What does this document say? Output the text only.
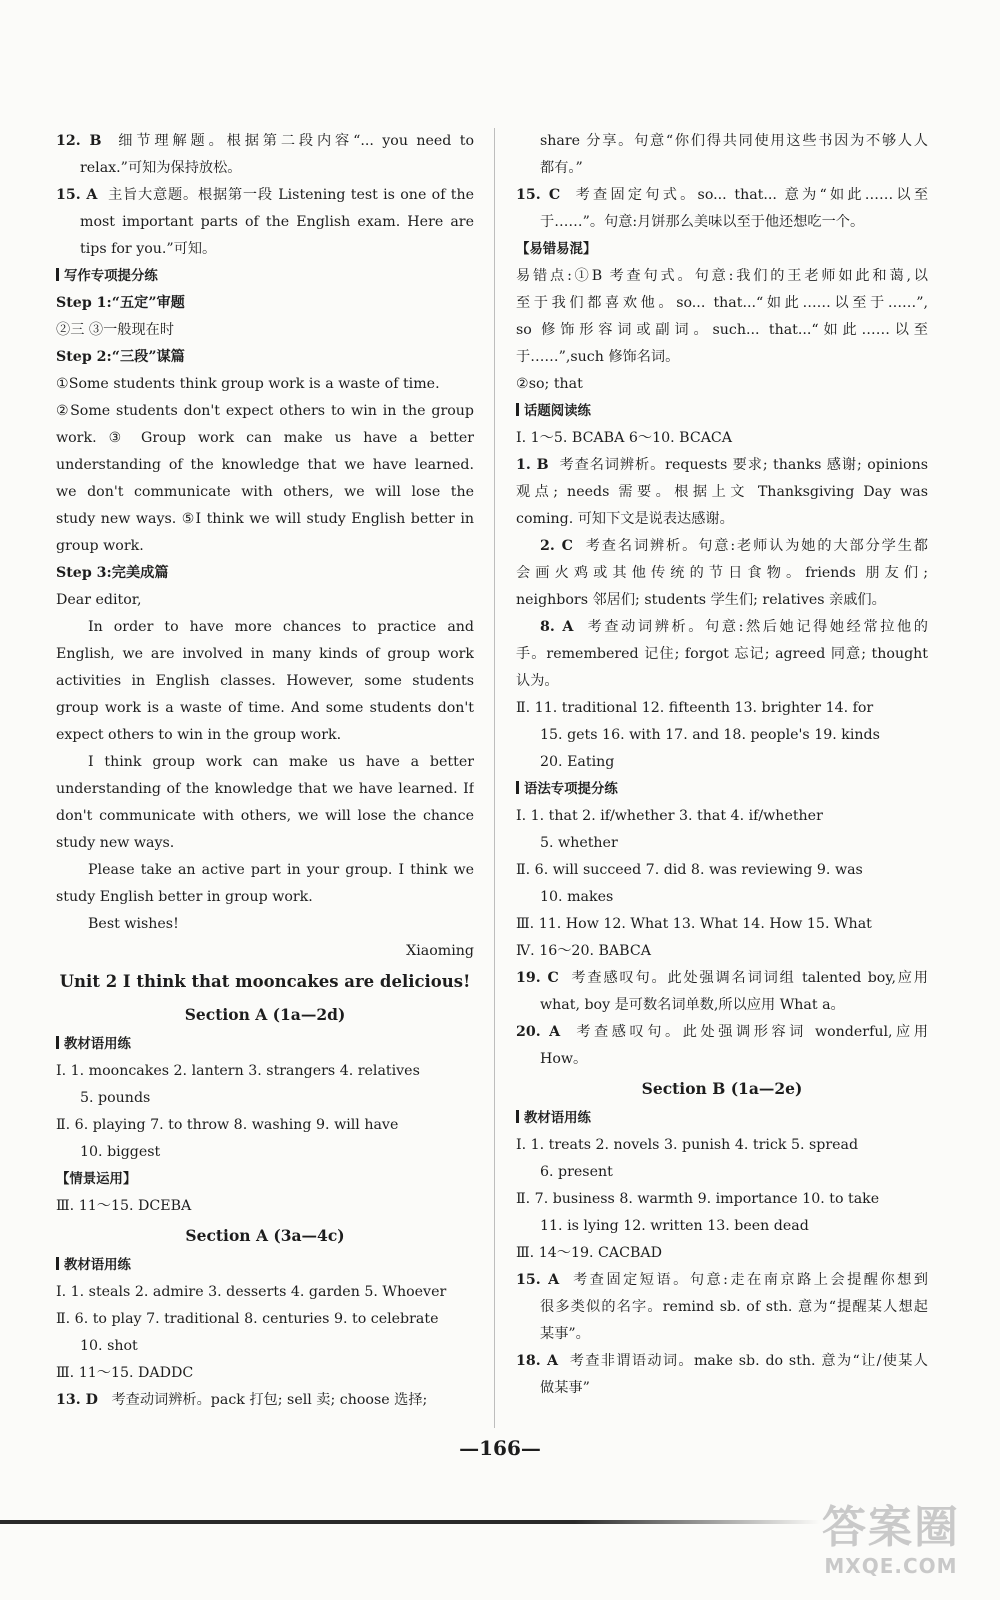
12. B 细节理解题。根据第二段内容“... you need to
relax.”可知为保持放松。
15. A 主旨大意题。根据第一段 Listening test is one of the
most important parts of the English exam. Here are
tips for you.”可知。
写作专项提分练
Step 1:“五定”审题
②三 ③一般现在时
Step 2:“三段”谋篇
①Some students think group work is a waste of time.
②Some students don't expect others to win in the group
work. ③ Group work can make us have a better
understanding of the knowledge that we have learned.
we don't communicate with others, we will lose the
study new ways. ⑤I think we will study English better in
group work.
Step 3:完美成篇
Dear editor,
In order to have more chances to practice and
English, we are involved in many kinds of group work
activities in English classes. However, some students
group work is a waste of time. And some students don't
expect others to win in the group work.
I think group work can make us have a better
understanding of the knowledge that we have learned. If
don't communicate with others, we will lose the chance
study new ways.
Please take an active part in your group. I think we
study English better in group work.
Best wishes!
Xiaoming
Unit 2 I think that mooncakes are delicious!
Section A (1a—2d)
教材语用练
Ⅰ. 1. mooncakes 2. lantern 3. strangers 4. relatives
5. pounds
Ⅱ. 6. playing 7. to throw 8. washing 9. will have
10. biggest
【情景运用】
Ⅲ. 11～15. DCEBA
Section A (3a—4c)
教材语用练
Ⅰ. 1. steals 2. admire 3. desserts 4. garden 5. Whoever
Ⅱ. 6. to play 7. traditional 8. centuries 9. to celebrate
10. shot
Ⅲ. 11～15. DADDC
13. D 考查动词辨析。pack 打包; sell 卖; choose 选择;
share 分享。句意“你们得共同使用这些书因为不够人人
都有。”
15. C 考查固定句式。so... that... 意为“如此……以至
于……”。句意:月饼那么美味以至于他还想吃一个。
【易错易混】
易错点:①B 考查句式。句意:我们的王老师如此和蔼,以
至于我们都喜欢他。so... that...“如此……以至于……”,
so 修饰形容词或副词。such... that...“如此……以至
于……”,such 修饰名词。
②so; that
话题阅读练
Ⅰ. 1～5. BCABA 6～10. BCACA
1. B 考查名词辨析。requests 要求; thanks 感谢; opinions
观点; needs 需要。根据上文 Thanksgiving Day was
coming. 可知下文是说表达感谢。
2. C 考查名词辨析。句意:老师认为她的大部分学生都
会画火鸡或其他传统的节日食物。friends 朋友们;
neighbors 邻居们; students 学生们; relatives 亲戚们。
8. A 考查动词辨析。句意:然后她记得她经常拉他的
手。remembered 记住; forgot 忘记; agreed 同意; thought
认为。
Ⅱ. 11. traditional 12. fifteenth 13. brighter 14. for
15. gets 16. with 17. and 18. people's 19. kinds
20. Eating
语法专项提分练
Ⅰ. 1. that 2. if/whether 3. that 4. if/whether
5. whether
Ⅱ. 6. will succeed 7. did 8. was reviewing 9. was
10. makes
Ⅲ. 11. How 12. What 13. What 14. How 15. What
Ⅳ. 16～20. BABCA
19. C 考查感叹句。此处强调名词词组 talented boy,应用
what, boy 是可数名词单数,所以应用 What a。
20. A 考查感叹句。此处强调形容词 wonderful,应用
How。
Section B (1a—2e)
教材语用练
Ⅰ. 1. treats 2. novels 3. punish 4. trick 5. spread
6. present
Ⅱ. 7. business 8. warmth 9. importance 10. to take
11. is lying 12. written 13. been dead
Ⅲ. 14～19. CACBAD
15. A 考查固定短语。句意:走在南京路上会提醒你想到
很多类似的名字。remind sb. of sth. 意为“提醒某人想起
某事”。
18. A 考查非谓语动词。make sb. do sth. 意为“让/使某人
做某事”
— 166 —
答案圈
MXQE.COM
